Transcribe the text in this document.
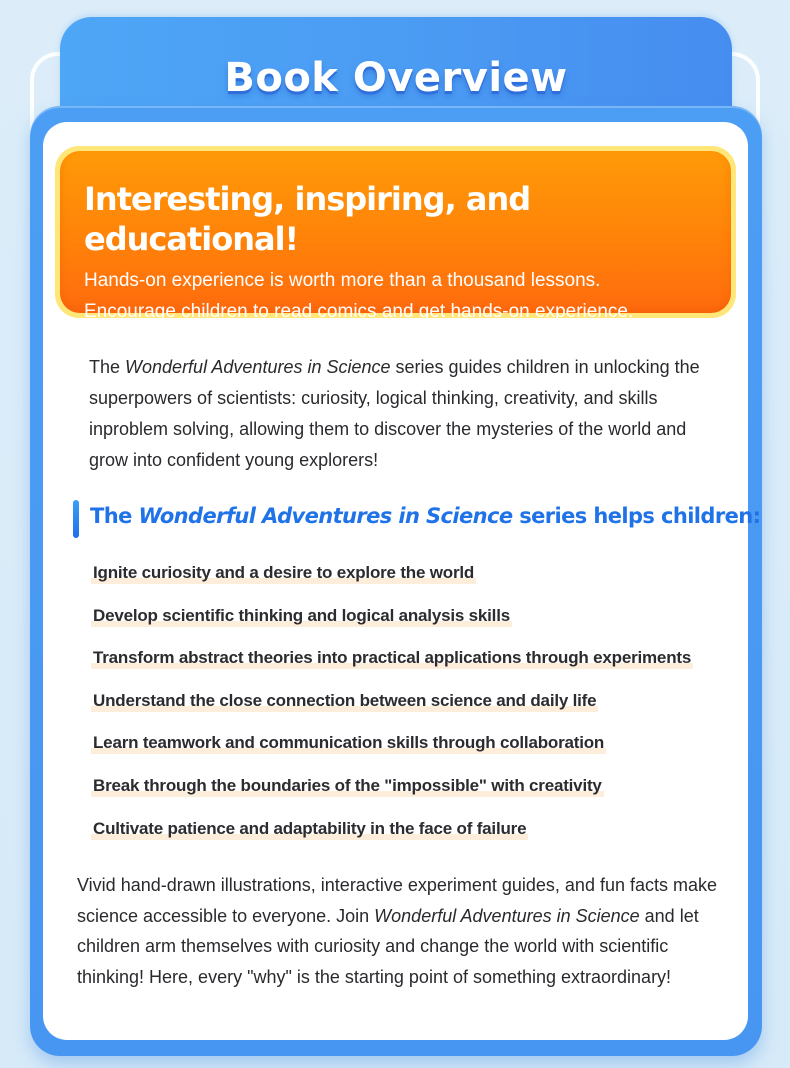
Book Overview
Interesting, inspiring, and educational!
Hands-on experience is worth more than a thousand lessons.
Encourage children to read comics and get hands-on experience.

The Wonderful Adventures in Science series guides children in unlocking the superpowers of scientists: curiosity, logical thinking, creativity, and skills inproblem solving, allowing them to discover the mysteries of the world and grow into confident young explorers!

The Wonderful Adventures in Science series helps children:
Ignite curiosity and a desire to explore the world
Develop scientific thinking and logical analysis skills
Transform abstract theories into practical applications through experiments
Understand the close connection between science and daily life
Learn teamwork and communication skills through collaboration
Break through the boundaries of the "impossible" with creativity
Cultivate patience and adaptability in the face of failure

Vivid hand-drawn illustrations, interactive experiment guides, and fun facts make science accessible to everyone. Join Wonderful Adventures in Science and let children arm themselves with curiosity and change the world with scientific thinking! Here, every "why" is the starting point of something extraordinary!
